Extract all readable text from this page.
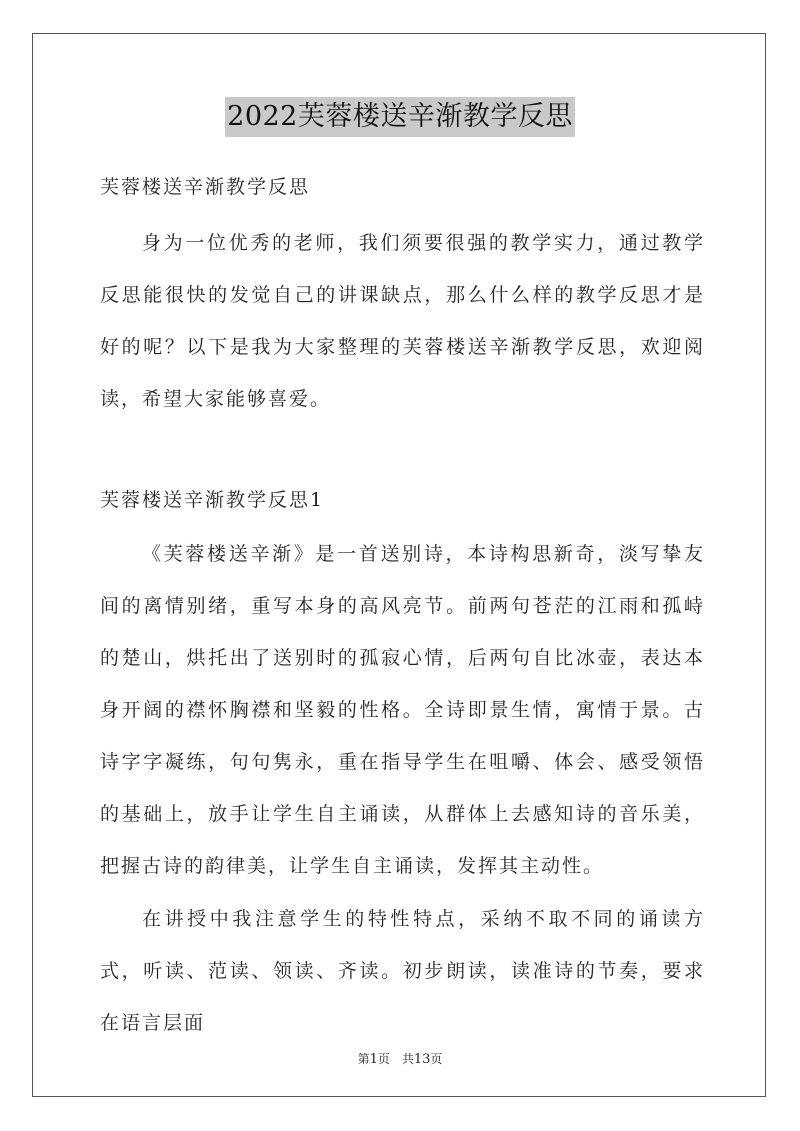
2022芙蓉楼送辛渐教学反思
芙蓉楼送辛渐教学反思

身为一位优秀的老师，我们须要很强的教学实力，通过教学反思能很快的发觉自己的讲课缺点，那么什么样的教学反思才是好的呢？以下是我为大家整理的芙蓉楼送辛渐教学反思，欢迎阅读，希望大家能够喜爱。

芙蓉楼送辛渐教学反思1

《芙蓉楼送辛渐》是一首送别诗，本诗构思新奇，淡写挚友间的离情别绪，重写本身的高风亮节。前两句苍茫的江雨和孤峙的楚山，烘托出了送别时的孤寂心情，后两句自比冰壶，表达本身开阔的襟怀胸襟和坚毅的性格。全诗即景生情，寓情于景。古诗字字凝练，句句隽永，重在指导学生在咀嚼、体会、感受领悟的基础上，放手让学生自主诵读，从群体上去感知诗的音乐美，把握古诗的韵律美，让学生自主诵读，发挥其主动性。

在讲授中我注意学生的特性特点，采纳不取不同的诵读方式，听读、范读、领读、齐读。初步朗读，读准诗的节奏，要求在语言层面

第1页　共13页
